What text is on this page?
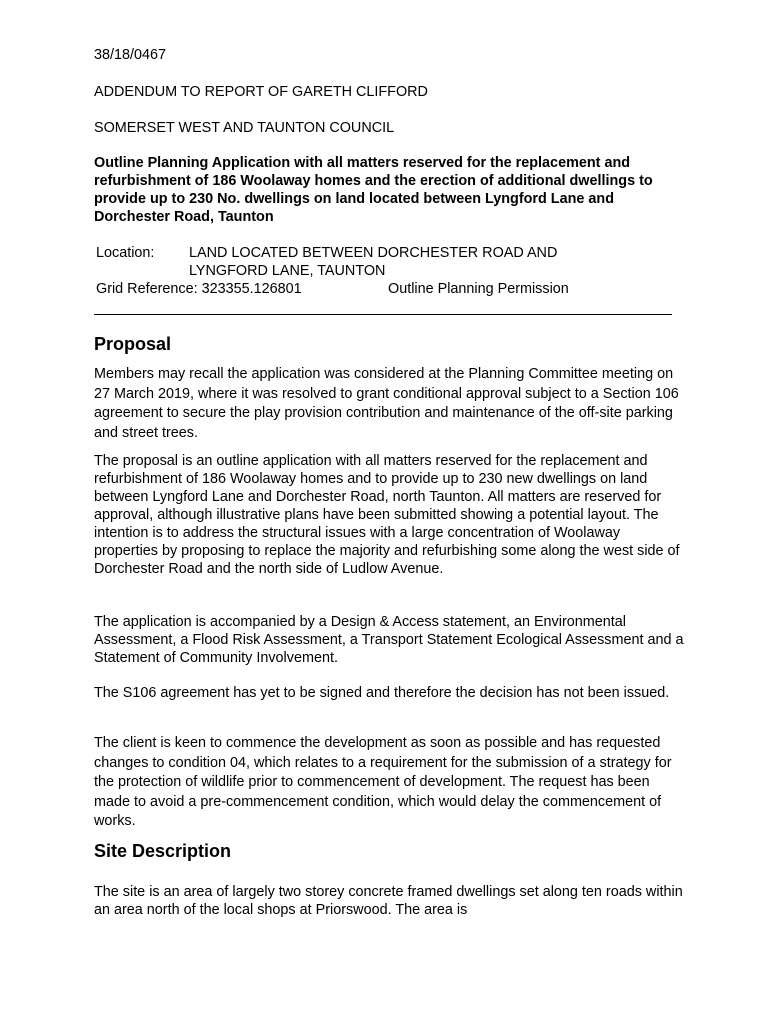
38/18/0467
ADDENDUM TO REPORT OF GARETH CLIFFORD
SOMERSET WEST AND TAUNTON COUNCIL
Outline Planning Application with all matters reserved for the replacement and refurbishment of 186 Woolaway homes and the erection of additional dwellings to provide up to 230 No. dwellings on land located between Lyngford Lane and Dorchester Road, Taunton
Location: LAND LOCATED BETWEEN DORCHESTER ROAD AND
LYNGFORD LANE, TAUNTON
Grid Reference: 323355.126801	Outline Planning Permission
Proposal
Members may recall the application was considered at the Planning Committee meeting on 27 March 2019, where it was resolved to grant conditional approval subject to a Section 106 agreement to secure the play provision contribution and maintenance of the off-site parking and street trees.
The proposal is an outline application with all matters reserved for the replacement and refurbishment of 186 Woolaway homes and to provide up to 230 new dwellings on land between Lyngford Lane and Dorchester Road, north Taunton. All matters are reserved for approval, although illustrative plans have been submitted showing a potential layout. The intention is to address the structural issues with a large concentration of Woolaway properties by proposing to replace the majority and refurbishing some along the west side of Dorchester Road and the north side of Ludlow Avenue.
The application is accompanied by a Design & Access statement, an Environmental Assessment, a Flood Risk Assessment, a Transport Statement Ecological Assessment and a Statement of Community Involvement.
The S106 agreement has yet to be signed and therefore the decision has not been issued.
The client is keen to commence the development as soon as possible and has requested changes to condition 04, which relates to a requirement for the submission of a strategy for the protection of wildlife prior to commencement of development. The request has been made to avoid a pre-commencement condition, which would delay the commencement of works.
Site Description
The site is an area of largely two storey concrete framed dwellings set along ten roads within an area north of the local shops at Priorswood. The area is
